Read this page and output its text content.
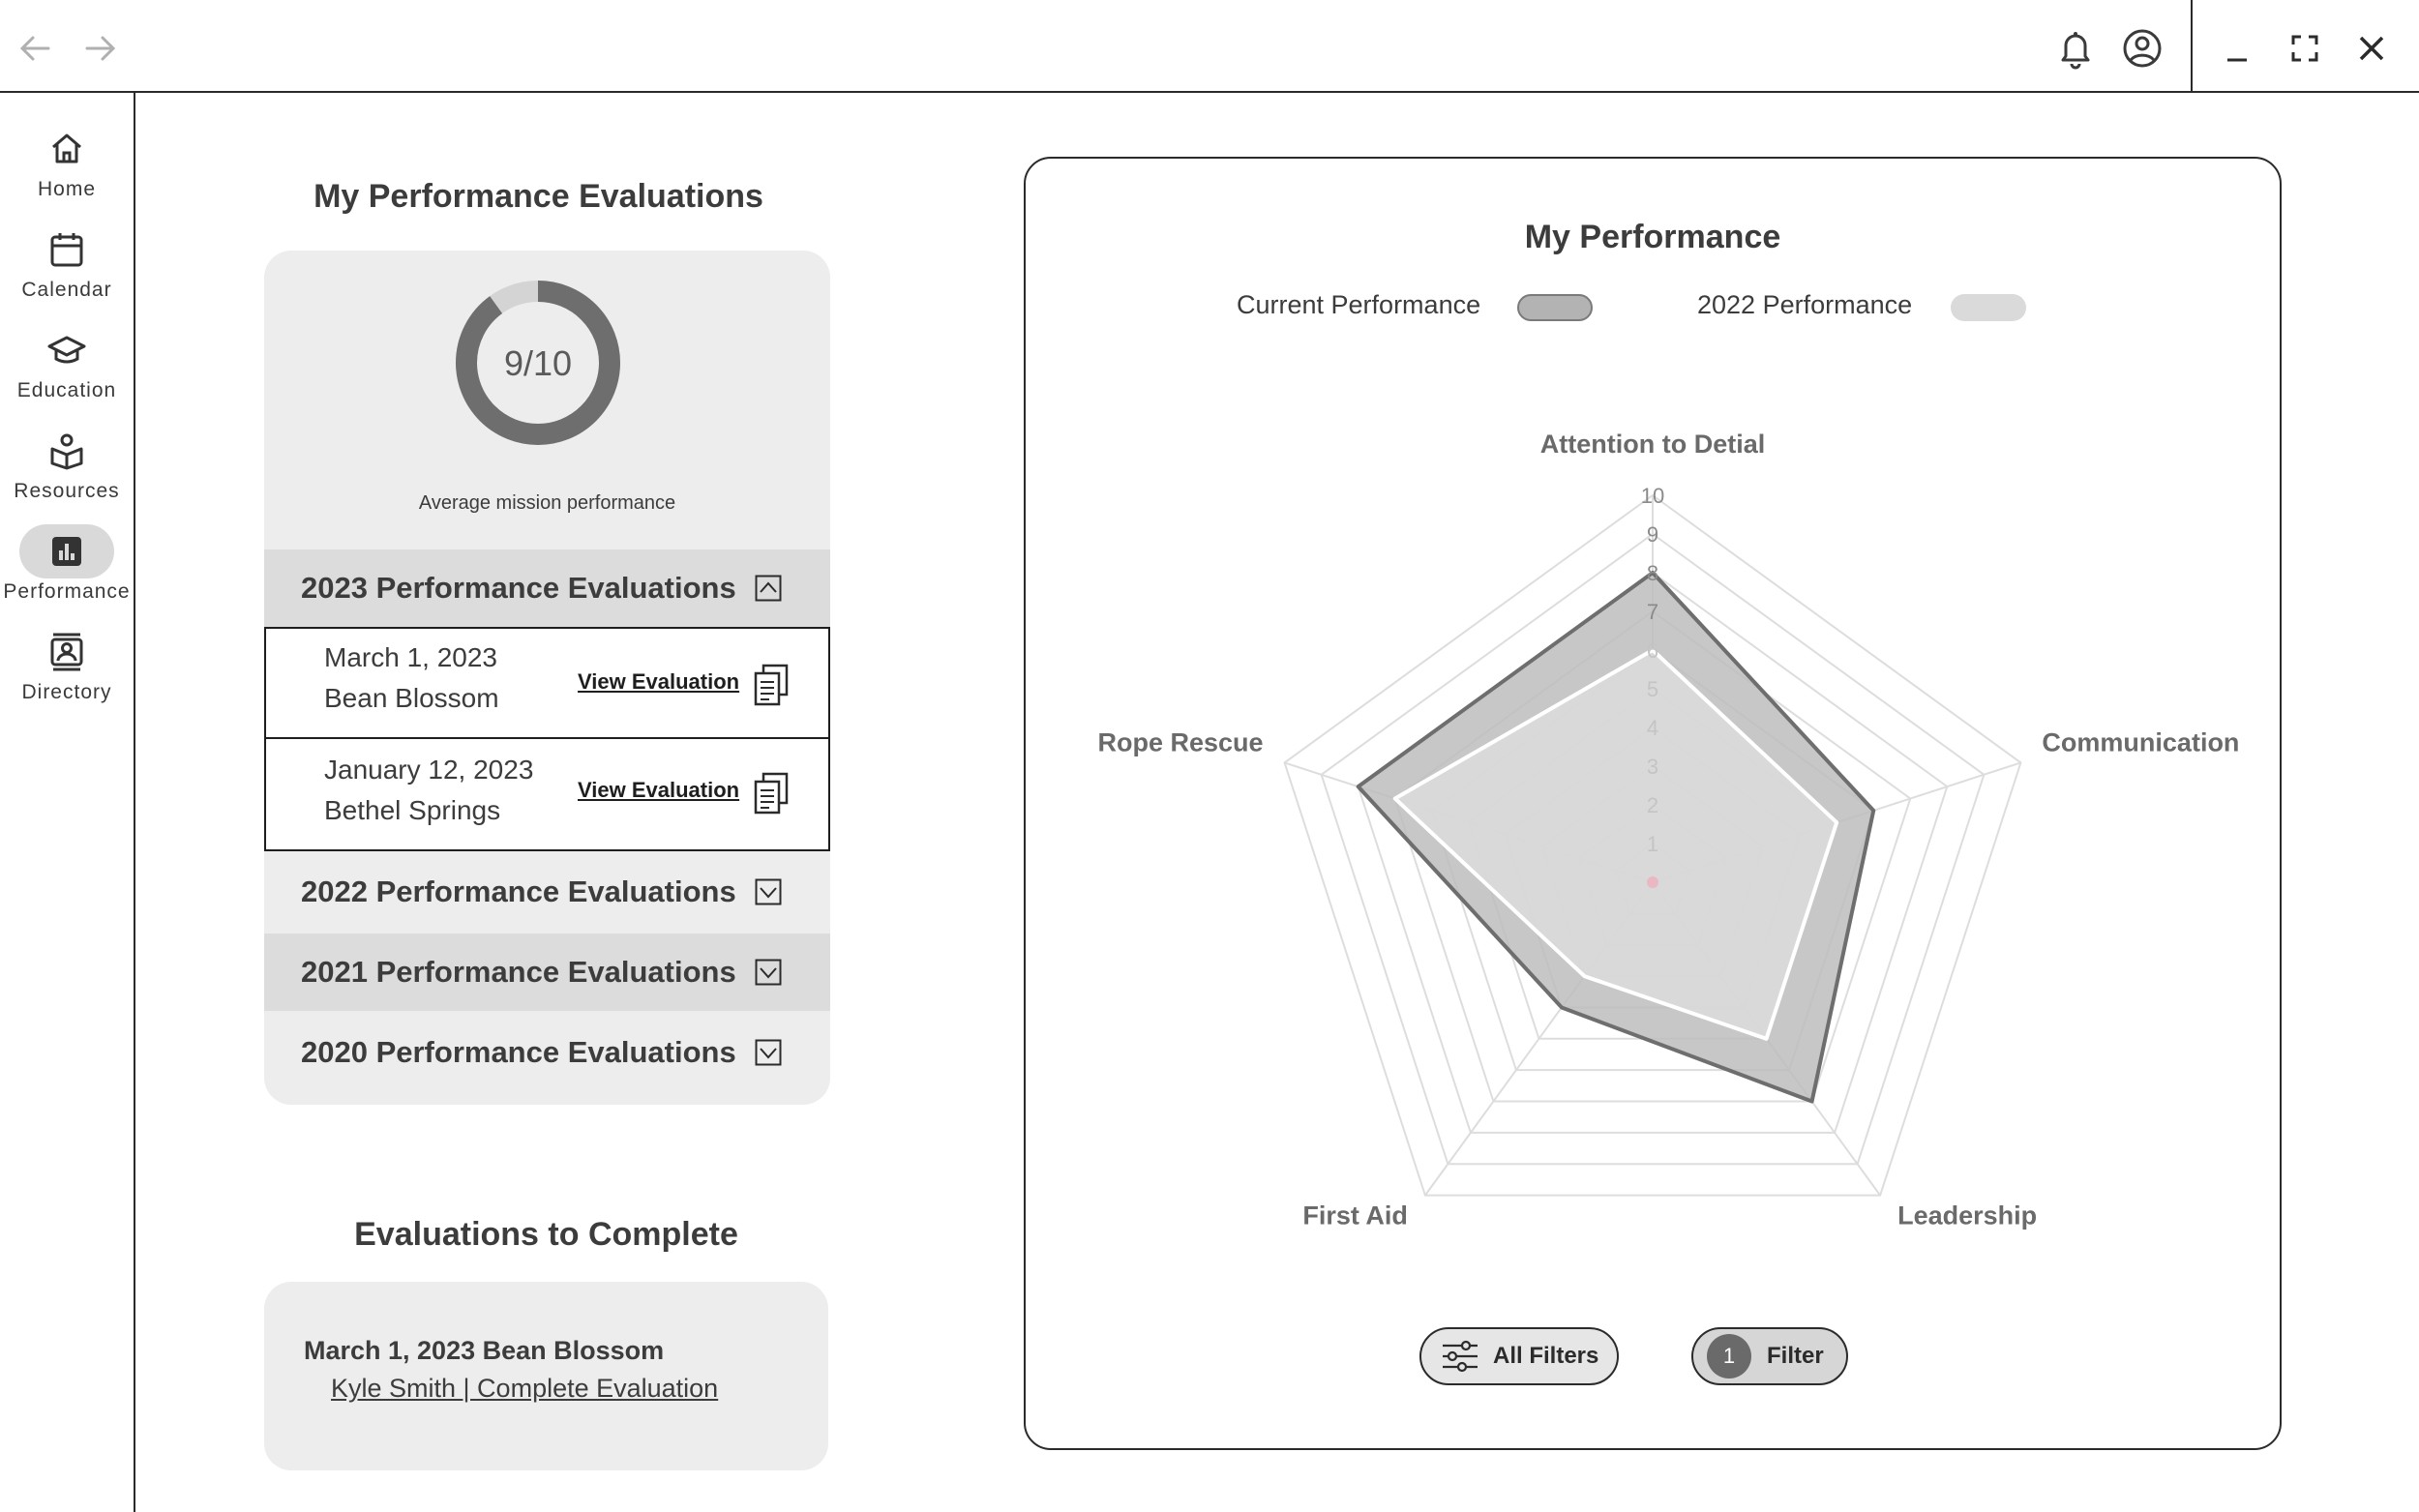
Home
Calendar
Education
Resources
Performance
Directory
My Performance Evaluations
9/10
Average mission performance
2023 Performance Evaluations
March 1, 2023
Bean Blossom
View Evaluation
January 12, 2023
Bethel Springs
View Evaluation
2022 Performance Evaluations
2021 Performance Evaluations
2020 Performance Evaluations
Evaluations to Complete
March 1, 2023 Bean Blossom
Kyle Smith | Complete Evaluation
My Performance
Current Performance	2022 Performance
1
2
3
4
5
6
7
8
9
10
Attention to Detial
Communication
Leadership
First Aid
Rope Rescue
All Filters	1	Filter
